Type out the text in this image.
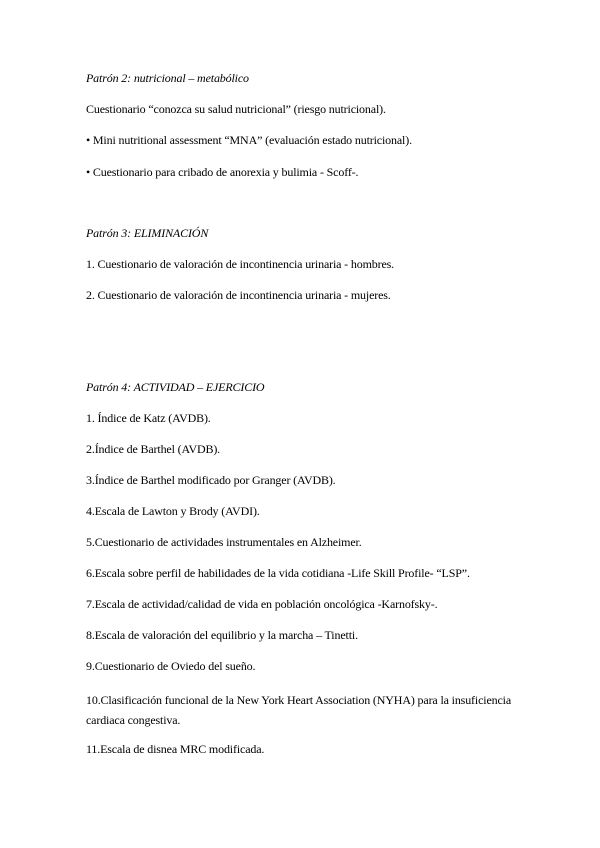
Patrón 2: nutricional – metabólico
Cuestionario “conozca su salud nutricional” (riesgo nutricional).
• Mini nutritional assessment “MNA” (evaluación estado nutricional).
• Cuestionario para cribado de anorexia y bulimia - Scoff-.
Patrón 3: ELIMINACIÓN
1. Cuestionario de valoración de incontinencia urinaria - hombres.
2. Cuestionario de valoración de incontinencia urinaria - mujeres.
Patrón 4: ACTIVIDAD – EJERCICIO
1. Índice de Katz (AVDB).
2.Índice de Barthel (AVDB).
3.Índice de Barthel modificado por Granger (AVDB).
4.Escala de Lawton y Brody (AVDI).
5.Cuestionario de actividades instrumentales en Alzheimer.
6.Escala sobre perfil de habilidades de la vida cotidiana -Life Skill Profile- “LSP”.
7.Escala de actividad/calidad de vida en población oncológica -Karnofsky-.
8.Escala de valoración del equilibrio y la marcha – Tinetti.
9.Cuestionario de Oviedo del sueño.
10.Clasificación funcional de la New York Heart Association (NYHA) para la insuficiencia cardiaca congestiva.
11.Escala de disnea MRC modificada.
